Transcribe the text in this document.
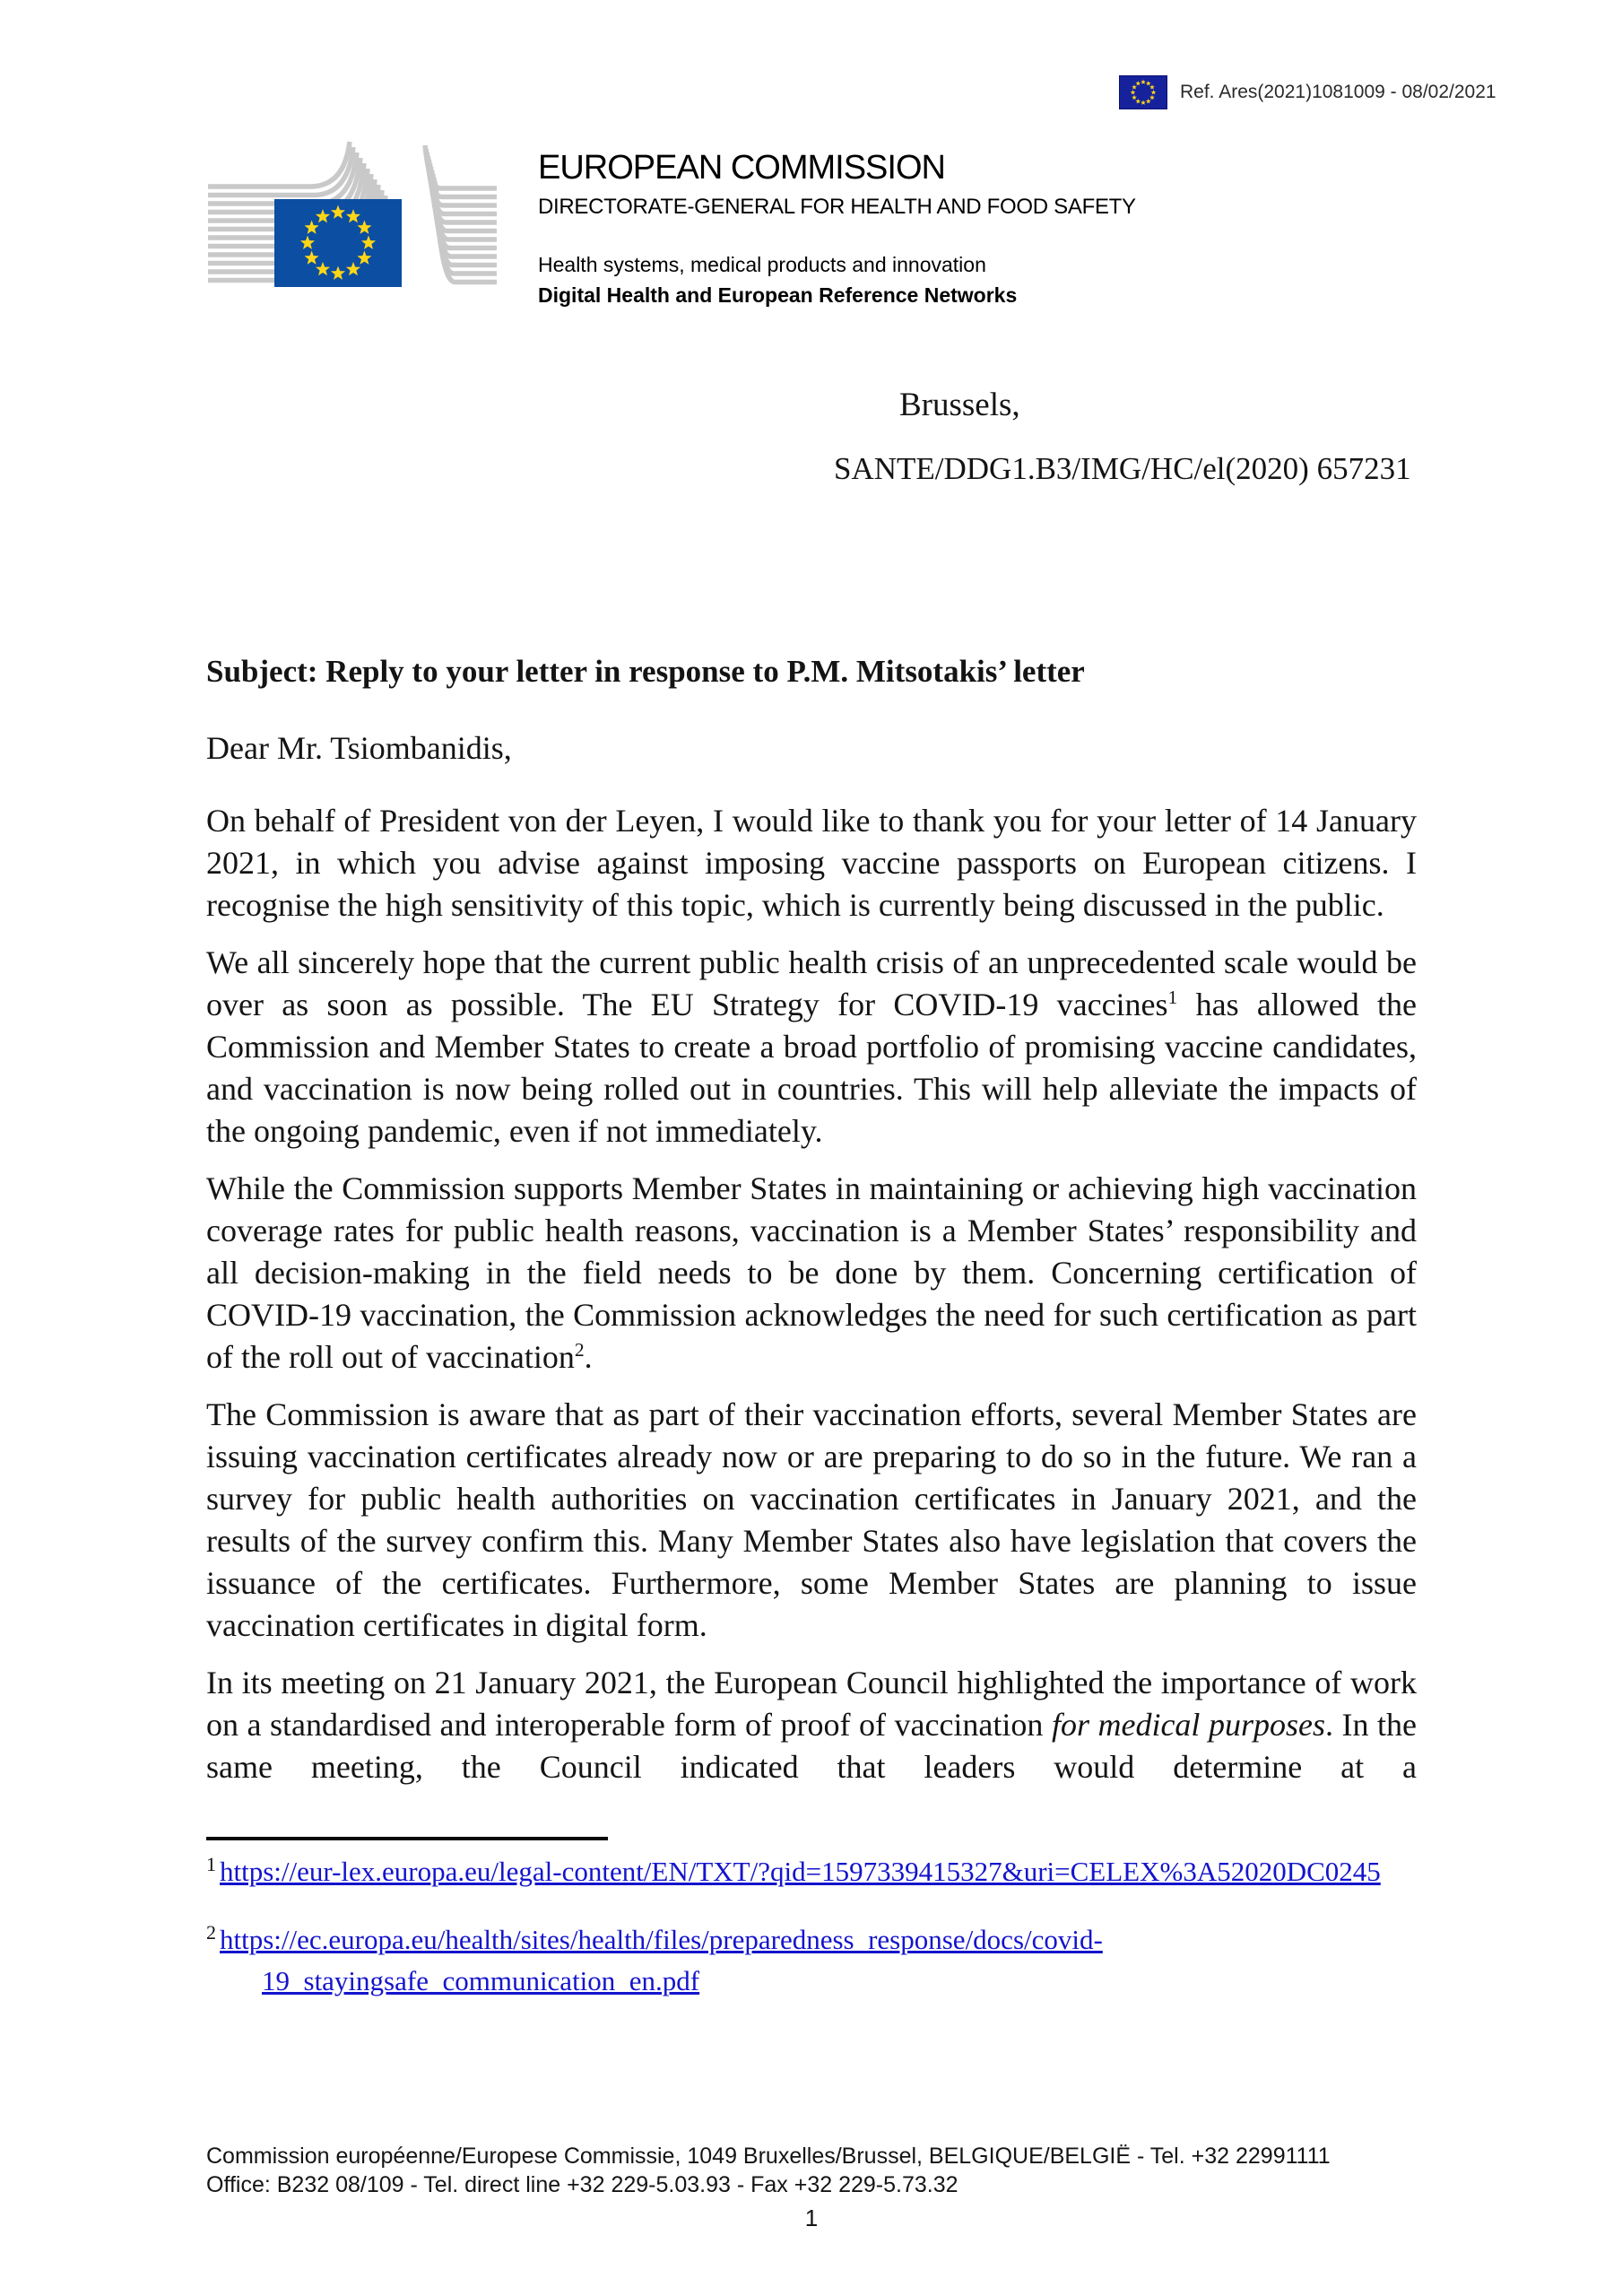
Ref. Ares(2021)1081009 - 08/02/2021
EUROPEAN COMMISSION
DIRECTORATE-GENERAL FOR HEALTH AND FOOD SAFETY
Health systems, medical products and innovation
Digital Health and European Reference Networks
Brussels,
SANTE/DDG1.B3/IMG/HC/el(2020) 657231
Subject: Reply to your letter in response to P.M. Mitsotakis’ letter
Dear Mr. Tsiombanidis,

On behalf of President von der Leyen, I would like to thank you for your letter of 14 January 2021, in which you advise against imposing vaccine passports on European citizens. I recognise the high sensitivity of this topic, which is currently being discussed in the public.

We all sincerely hope that the current public health crisis of an unprecedented scale would be over as soon as possible. The EU Strategy for COVID-19 vaccines$^1$ has allowed the Commission and Member States to create a broad portfolio of promising vaccine candidates, and vaccination is now being rolled out in countries. This will help alleviate the impacts of the ongoing pandemic, even if not immediately.

While the Commission supports Member States in maintaining or achieving high vaccination coverage rates for public health reasons, vaccination is a Member States’ responsibility and all decision-making in the field needs to be done by them. Concerning certification of COVID-19 vaccination, the Commission acknowledges the need for such certification as part of the roll out of vaccination$^2$.

The Commission is aware that as part of their vaccination efforts, several Member States are issuing vaccination certificates already now or are preparing to do so in the future. We ran a survey for public health authorities on vaccination certificates in January 2021, and the results of the survey confirm this. Many Member States also have legislation that covers the issuance of the certificates. Furthermore, some Member States are planning to issue vaccination certificates in digital form.

In its meeting on 21 January 2021, the European Council highlighted the importance of work on a standardised and interoperable form of proof of vaccination for medical purposes. In the same meeting, the Council indicated that leaders would determine at a

$^1$ https://eur-lex.europa.eu/legal-content/EN/TXT/?qid=1597339415327&uri=CELEX%3A52020DC0245
$^2$ https://ec.europa.eu/health/sites/health/files/preparedness_response/docs/covid-
19_stayingsafe_communication_en.pdf
Commission européenne/Europese Commissie, 1049 Bruxelles/Brussel, BELGIQUE/BELGIË - Tel. +32 22991111
Office: B232 08/109 - Tel. direct line +32 229-5.03.93 - Fax +32 229-5.73.32
1
